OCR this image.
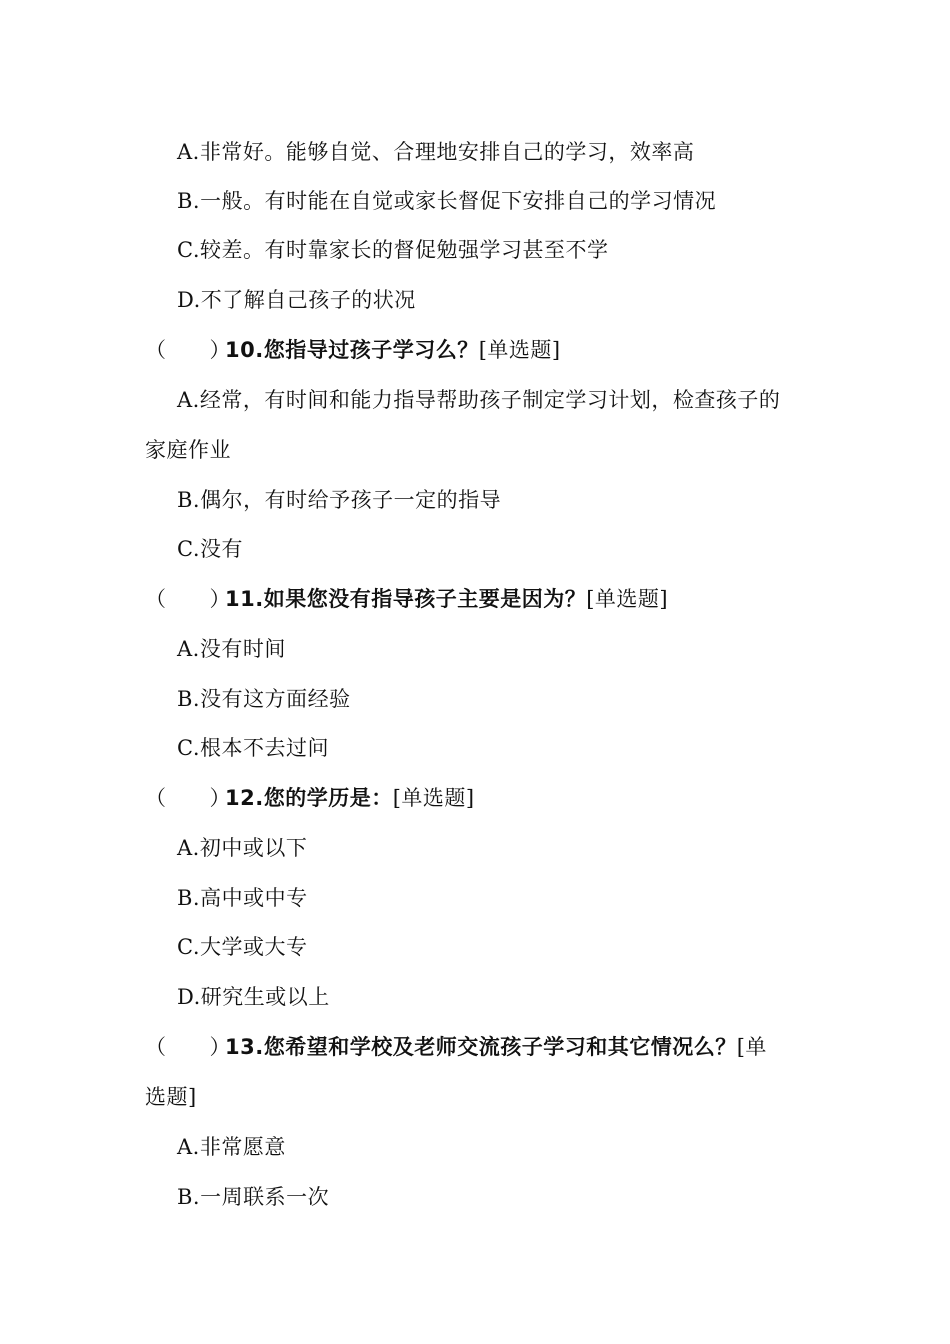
A.非常好。能够自觉、合理地安排自己的学习，效率高
B.一般。有时能在自觉或家长督促下安排自己的学习情况
C.较差。有时靠家长的督促勉强学习甚至不学
D.不了解自己孩子的状况
（　　）10.您指导过孩子学习么？[单选题]
A.经常，有时间和能力指导帮助孩子制定学习计划，检查孩子的
家庭作业
B.偶尔，有时给予孩子一定的指导
C.没有
（　　）11.如果您没有指导孩子主要是因为？[单选题]
A.没有时间
B.没有这方面经验
C.根本不去过问
（　　）12.您的学历是：[单选题]
A.初中或以下
B.高中或中专
C.大学或大专
D.研究生或以上
（　　）13.您希望和学校及老师交流孩子学习和其它情况么？[单
选题]
A.非常愿意
B.一周联系一次
